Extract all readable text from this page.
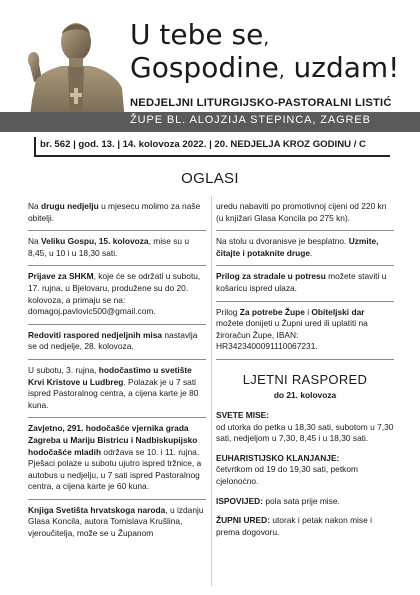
U tebe se,
Gospodine, uzdam!
NEDJELJNI LITURGIJSKO-PASTORALNI LISTIĆ
ŽUPE BL. ALOJZIJA STEPINCA, ZAGREB
br. 562 | god. 13. | 14. kolovoza 2022. | 20. NEDJELJA KROZ GODINU / C
OGLASI
Na drugu nedjelju u mjesecu molimo za naše obitelji.
Na Veliku Gospu, 15. kolovoza, mise su u 8,45, u 10 i u 18,30 sati.
Prijave za SHKM, koje će se održati u subotu, 17. rujna, u Bjelovaru, produžene su do 20. kolovoza, a primaju se na: domagoj.pavlovic500@gmail.com.
Redoviti raspored nedjeljnih misa nastavlja se od nedjelje, 28. kolovoza.
U subotu, 3. rujna, hodočastimo u svetište Krvi Kristove u Ludbreg. Polazak je u 7 sati ispred Pastoralnog centra, a cijena karte je 80 kuna.
Zavjetno, 291. hodočašće vjernika grada Zagreba u Mariju Bistricu i Nadbiskupijsko hodočašće mladih održava se 10. i 11. rujna. Pješaci polaze u subotu ujutro ispred tržnice, a autobus u nedjelju, u 7 sati ispred Pastoralnog centra, a cijena karte je 60 kuna.
Knjiga Svetišta hrvatskoga naroda, u izdanju Glasa Koncila, autora Tomislava Krušlina, vjeroučitelja, može se u Županom
uredu nabaviti po promotivnoj cijeni od 220 kn (u knjižari Glasa Koncila po 275 kn).
Na stolu u dvoranisve je besplatno. Uzmite, čitajte i potaknite druge.
Prilog za stradale u potresu možete staviti u košaricu ispred ulaza.
Prilog Za potrebe Župe i Obiteljski dar možete donijeti u Župni ured ili uplatiti na žiroračun Župe, IBAN: HR3423400091110067231.
LJETNI RASPORED
do 21. kolovoza
SVETE MISE:
od utorka do petka u 18,30 sati, subotom u 7,30 sati, nedjeljom u 7,30, 8,45 i u 18,30 sati.
EUHARISTIJSKO KLANJANJE:
četvrtkom od 19 do 19,30 sati, petkom cjelonoćno.
ISPOVIJED: pola sata prije mise.
ŽUPNI URED: utorak i petak nakon mise i prema dogovoru.
